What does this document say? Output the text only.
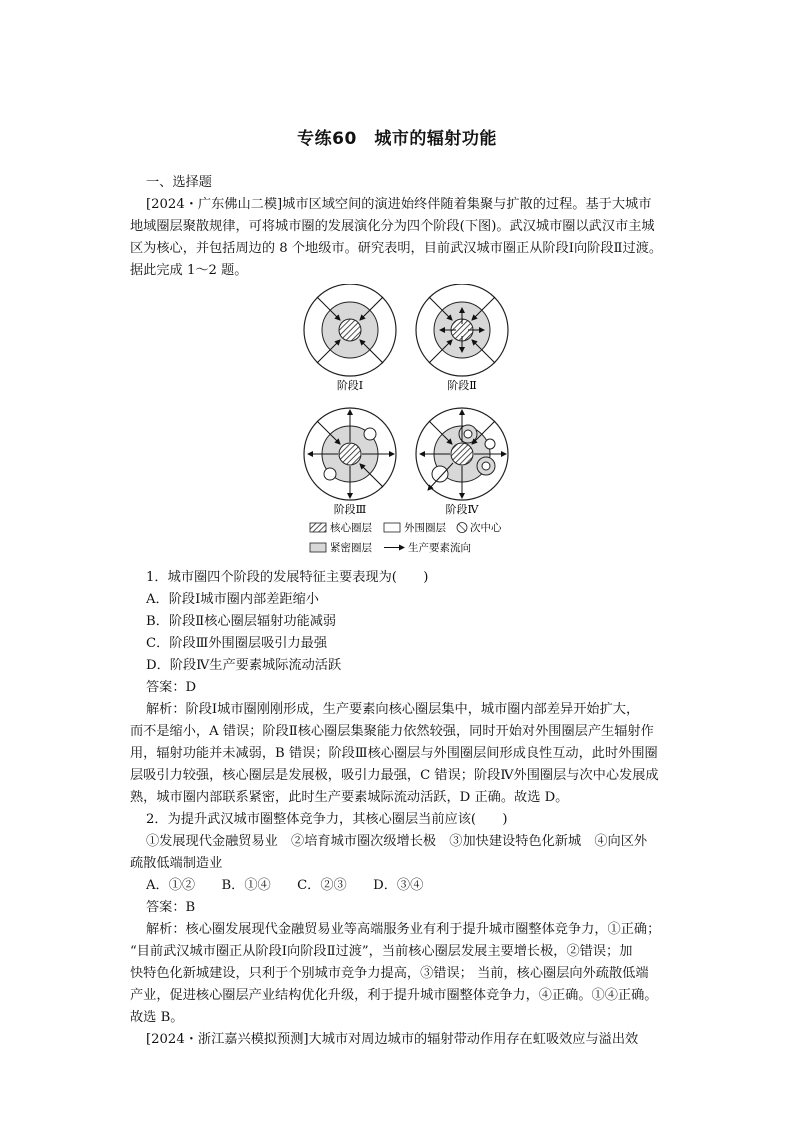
专练60　城市的辐射功能
一、选择题
[2024・广东佛山二模]城市区域空间的演进始终伴随着集聚与扩散的过程。基于大城市
地域圈层聚散规律，可将城市圈的发展演化分为四个阶段(下图)。武汉城市圈以武汉市主城
区为核心，并包括周边的 8 个地级市。研究表明，目前武汉城市圈正从阶段Ⅰ向阶段Ⅱ过渡。
据此完成 1～2 题。
阶段Ⅰ	阶段Ⅱ
阶段Ⅲ	阶段Ⅳ
核心圈层	外围圈层 次中心
紧密圈层	生产要素流向
1．城市圈四个阶段的发展特征主要表现为(　　)
A．阶段Ⅰ城市圈内部差距缩小
B．阶段Ⅱ核心圈层辐射功能减弱
C．阶段Ⅲ外围圈层吸引力最强
D．阶段Ⅳ生产要素城际流动活跃
答案：D
解析：阶段Ⅰ城市圈刚刚形成，生产要素向核心圈层集中，城市圈内部差异开始扩大，
而不是缩小，A 错误；阶段Ⅱ核心圈层集聚能力依然较强，同时开始对外围圈层产生辐射作
用，辐射功能并未减弱，B 错误；阶段Ⅲ核心圈层与外围圈层间形成良性互动，此时外围圈
层吸引力较强，核心圈层是发展极，吸引力最强，C 错误；阶段Ⅳ外围圈层与次中心发展成
熟，城市圈内部联系紧密，此时生产要素城际流动活跃，D 正确。故选 D。
2．为提升武汉城市圈整体竞争力，其核心圈层当前应该(　　)
①发展现代金融贸易业　②培育城市圈次级增长极　③加快建设特色化新城　④向区外
疏散低端制造业
A．①②　　B．①④　　C．②③　　D．③④
答案：B
解析：核心圈发展现代金融贸易业等高端服务业有利于提升城市圈整体竞争力，①正确；
“目前武汉城市圈正从阶段Ⅰ向阶段Ⅱ过渡”，当前核心圈层发展主要增长极，②错误；加
快特色化新城建设，只利于个别城市竞争力提高，③错误； 当前，核心圈层向外疏散低端
产业，促进核心圈层产业结构优化升级，利于提升城市圈整体竞争力，④正确。①④正确。
故选 B。
[2024・浙江嘉兴模拟预测]大城市对周边城市的辐射带动作用存在虹吸效应与溢出效
